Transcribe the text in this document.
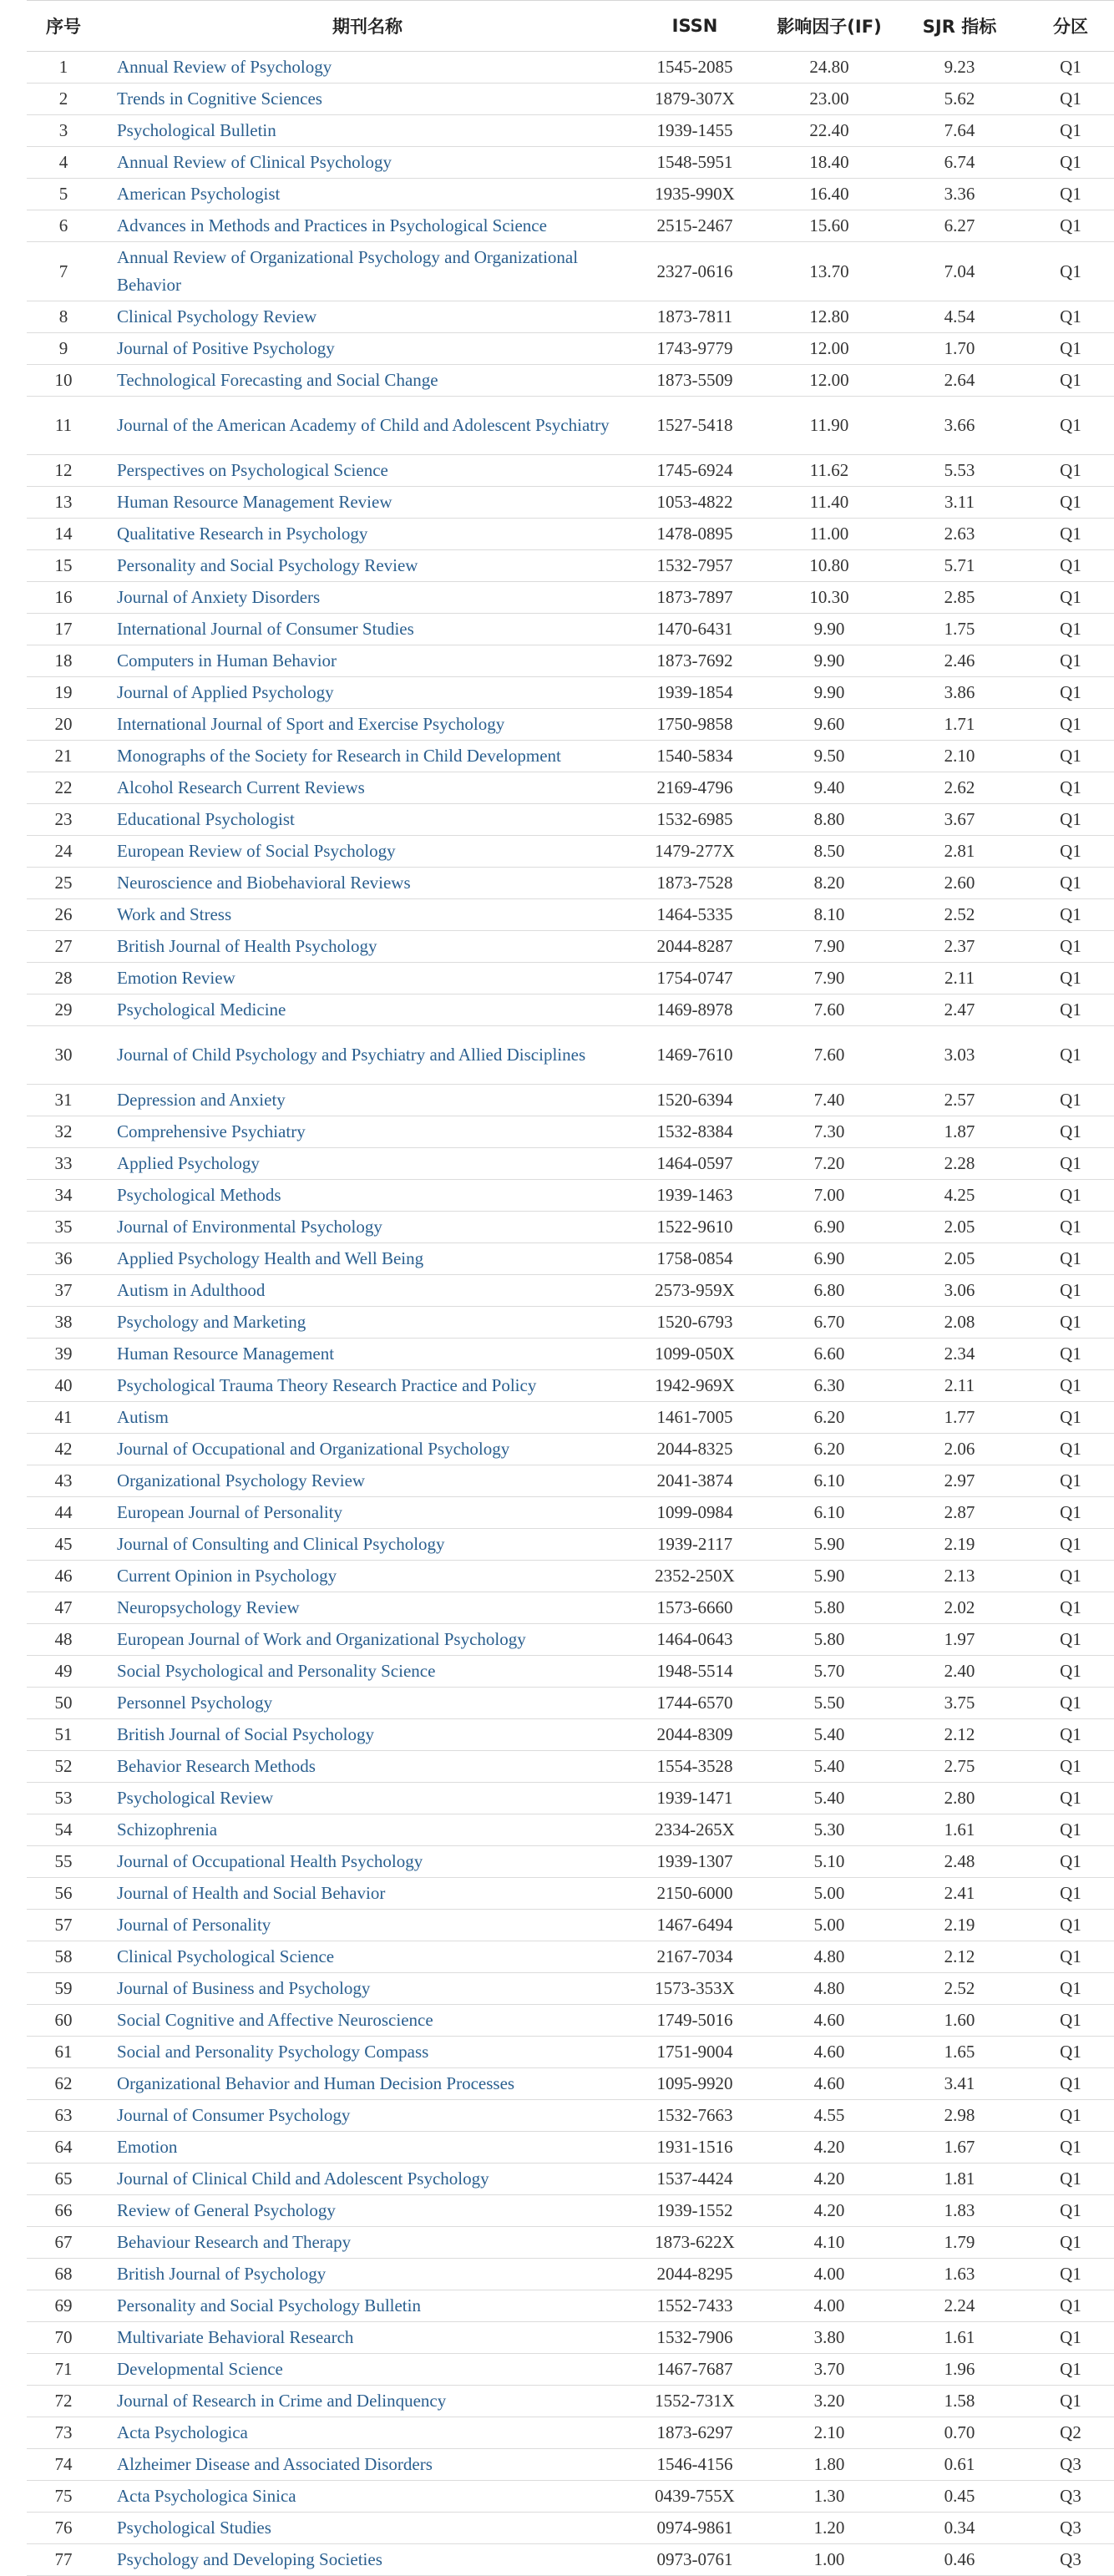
序号	期刊名称	ISSN	影响因子(IF)	SJR 指标	分区
1	Annual Review of Psychology	1545-2085	24.80	9.23	Q1
2	Trends in Cognitive Sciences	1879-307X	23.00	5.62	Q1
3	Psychological Bulletin	1939-1455	22.40	7.64	Q1
4	Annual Review of Clinical Psychology	1548-5951	18.40	6.74	Q1
5	American Psychologist	1935-990X	16.40	3.36	Q1
6	Advances in Methods and Practices in Psychological Science	2515-2467	15.60	6.27	Q1
7	Annual Review of Organizational Psychology and Organizational Behavior	2327-0616	13.70	7.04	Q1
8	Clinical Psychology Review	1873-7811	12.80	4.54	Q1
9	Journal of Positive Psychology	1743-9779	12.00	1.70	Q1
10	Technological Forecasting and Social Change	1873-5509	12.00	2.64	Q1
11	Journal of the American Academy of Child and Adolescent Psychiatry	1527-5418	11.90	3.66	Q1
12	Perspectives on Psychological Science	1745-6924	11.62	5.53	Q1
13	Human Resource Management Review	1053-4822	11.40	3.11	Q1
14	Qualitative Research in Psychology	1478-0895	11.00	2.63	Q1
15	Personality and Social Psychology Review	1532-7957	10.80	5.71	Q1
16	Journal of Anxiety Disorders	1873-7897	10.30	2.85	Q1
17	International Journal of Consumer Studies	1470-6431	9.90	1.75	Q1
18	Computers in Human Behavior	1873-7692	9.90	2.46	Q1
19	Journal of Applied Psychology	1939-1854	9.90	3.86	Q1
20	International Journal of Sport and Exercise Psychology	1750-9858	9.60	1.71	Q1
21	Monographs of the Society for Research in Child Development	1540-5834	9.50	2.10	Q1
22	Alcohol Research Current Reviews	2169-4796	9.40	2.62	Q1
23	Educational Psychologist	1532-6985	8.80	3.67	Q1
24	European Review of Social Psychology	1479-277X	8.50	2.81	Q1
25	Neuroscience and Biobehavioral Reviews	1873-7528	8.20	2.60	Q1
26	Work and Stress	1464-5335	8.10	2.52	Q1
27	British Journal of Health Psychology	2044-8287	7.90	2.37	Q1
28	Emotion Review	1754-0747	7.90	2.11	Q1
29	Psychological Medicine	1469-8978	7.60	2.47	Q1
30	Journal of Child Psychology and Psychiatry and Allied Disciplines	1469-7610	7.60	3.03	Q1
31	Depression and Anxiety	1520-6394	7.40	2.57	Q1
32	Comprehensive Psychiatry	1532-8384	7.30	1.87	Q1
33	Applied Psychology	1464-0597	7.20	2.28	Q1
34	Psychological Methods	1939-1463	7.00	4.25	Q1
35	Journal of Environmental Psychology	1522-9610	6.90	2.05	Q1
36	Applied Psychology Health and Well Being	1758-0854	6.90	2.05	Q1
37	Autism in Adulthood	2573-959X	6.80	3.06	Q1
38	Psychology and Marketing	1520-6793	6.70	2.08	Q1
39	Human Resource Management	1099-050X	6.60	2.34	Q1
40	Psychological Trauma Theory Research Practice and Policy	1942-969X	6.30	2.11	Q1
41	Autism	1461-7005	6.20	1.77	Q1
42	Journal of Occupational and Organizational Psychology	2044-8325	6.20	2.06	Q1
43	Organizational Psychology Review	2041-3874	6.10	2.97	Q1
44	European Journal of Personality	1099-0984	6.10	2.87	Q1
45	Journal of Consulting and Clinical Psychology	1939-2117	5.90	2.19	Q1
46	Current Opinion in Psychology	2352-250X	5.90	2.13	Q1
47	Neuropsychology Review	1573-6660	5.80	2.02	Q1
48	European Journal of Work and Organizational Psychology	1464-0643	5.80	1.97	Q1
49	Social Psychological and Personality Science	1948-5514	5.70	2.40	Q1
50	Personnel Psychology	1744-6570	5.50	3.75	Q1
51	British Journal of Social Psychology	2044-8309	5.40	2.12	Q1
52	Behavior Research Methods	1554-3528	5.40	2.75	Q1
53	Psychological Review	1939-1471	5.40	2.80	Q1
54	Schizophrenia	2334-265X	5.30	1.61	Q1
55	Journal of Occupational Health Psychology	1939-1307	5.10	2.48	Q1
56	Journal of Health and Social Behavior	2150-6000	5.00	2.41	Q1
57	Journal of Personality	1467-6494	5.00	2.19	Q1
58	Clinical Psychological Science	2167-7034	4.80	2.12	Q1
59	Journal of Business and Psychology	1573-353X	4.80	2.52	Q1
60	Social Cognitive and Affective Neuroscience	1749-5016	4.60	1.60	Q1
61	Social and Personality Psychology Compass	1751-9004	4.60	1.65	Q1
62	Organizational Behavior and Human Decision Processes	1095-9920	4.60	3.41	Q1
63	Journal of Consumer Psychology	1532-7663	4.55	2.98	Q1
64	Emotion	1931-1516	4.20	1.67	Q1
65	Journal of Clinical Child and Adolescent Psychology	1537-4424	4.20	1.81	Q1
66	Review of General Psychology	1939-1552	4.20	1.83	Q1
67	Behaviour Research and Therapy	1873-622X	4.10	1.79	Q1
68	British Journal of Psychology	2044-8295	4.00	1.63	Q1
69	Personality and Social Psychology Bulletin	1552-7433	4.00	2.24	Q1
70	Multivariate Behavioral Research	1532-7906	3.80	1.61	Q1
71	Developmental Science	1467-7687	3.70	1.96	Q1
72	Journal of Research in Crime and Delinquency	1552-731X	3.20	1.58	Q1
73	Acta Psychologica	1873-6297	2.10	0.70	Q2
74	Alzheimer Disease and Associated Disorders	1546-4156	1.80	0.61	Q3
75	Acta Psychologica Sinica	0439-755X	1.30	0.45	Q3
76	Psychological Studies	0974-9861	1.20	0.34	Q3
77	Psychology and Developing Societies	0973-0761	1.00	0.46	Q3
